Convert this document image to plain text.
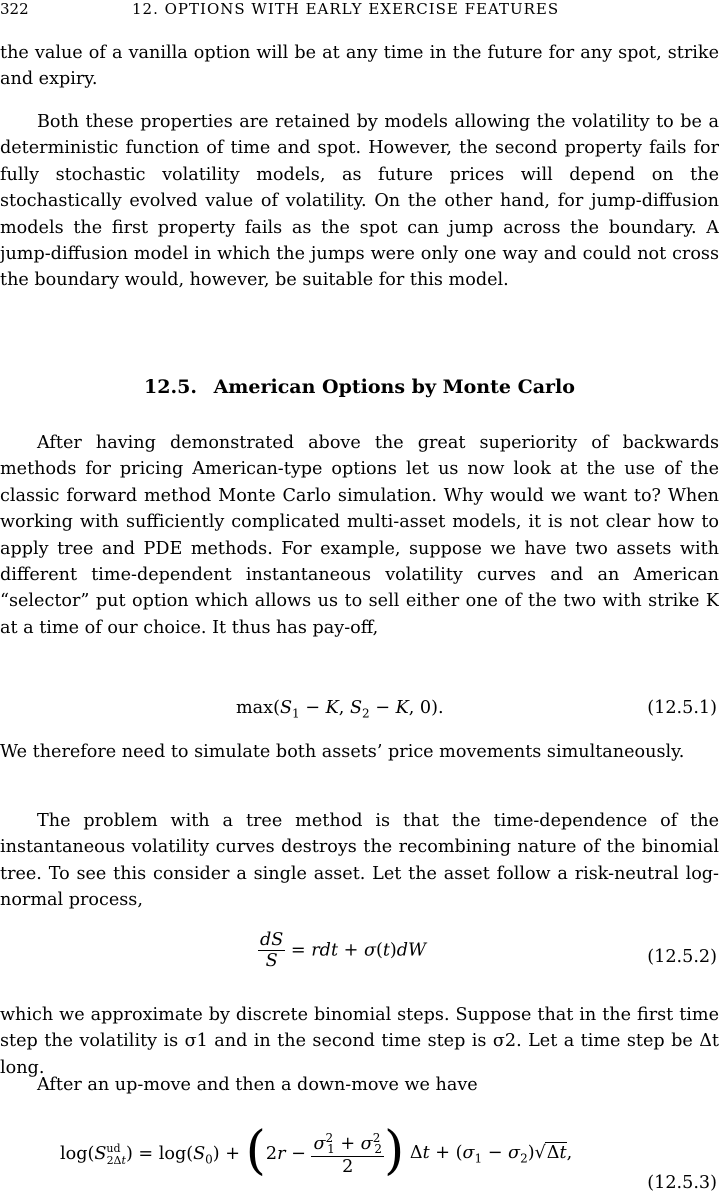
322	12. OPTIONS WITH EARLY EXERCISE FEATURES

the value of a vanilla option will be at any time in the future for any spot, strike and expiry.

Both these properties are retained by models allowing the volatility to be a deterministic function of time and spot. However, the second property fails for fully stochastic volatility models, as future prices will depend on the stochastically evolved value of volatility. On the other hand, for jump-diffusion models the first property fails as the spot can jump across the boundary. A jump-diffusion model in which the jumps were only one way and could not cross the boundary would, however, be suitable for this model.

12.5. American Options by Monte Carlo

After having demonstrated above the great superiority of backwards methods for pricing American-type options let us now look at the use of the classic forward method Monte Carlo simulation. Why would we want to? When working with sufficiently complicated multi-asset models, it is not clear how to apply tree and PDE methods. For example, suppose we have two assets with different time-dependent instantaneous volatility curves and an American “selector” put option which allows us to sell either one of the two with strike K at a time of our choice. It thus has pay-off,

$\max(S_1 - K$, $S_2 - K$, 0).	(12.5.1)

We therefore need to simulate both assets’ price movements simultaneously.

The problem with a tree method is that the time-dependence of the instantaneous volatility curves destroys the recombining nature of the binomial tree. To see this consider a single asset. Let the asset follow a risk-neutral log-normal process,

$\frac{dS}{S}$ = rdt + σ(t)dW	(12.5.2)

which we approximate by discrete binomial steps. Suppose that in the first time step the volatility is σ1 and in the second time step is σ2. Let a time step be Δt long.

After an up-move and then a down-move we have

$\log(S^{ud}_{2\Delta t}) = \log(S_0) + (2r - \frac{\sigma^2_1 + \sigma^2_2}{2}$ ) $\Delta t + (\sigma_1 - \sigma_2)√\Delta t$,
(12.5.3)
